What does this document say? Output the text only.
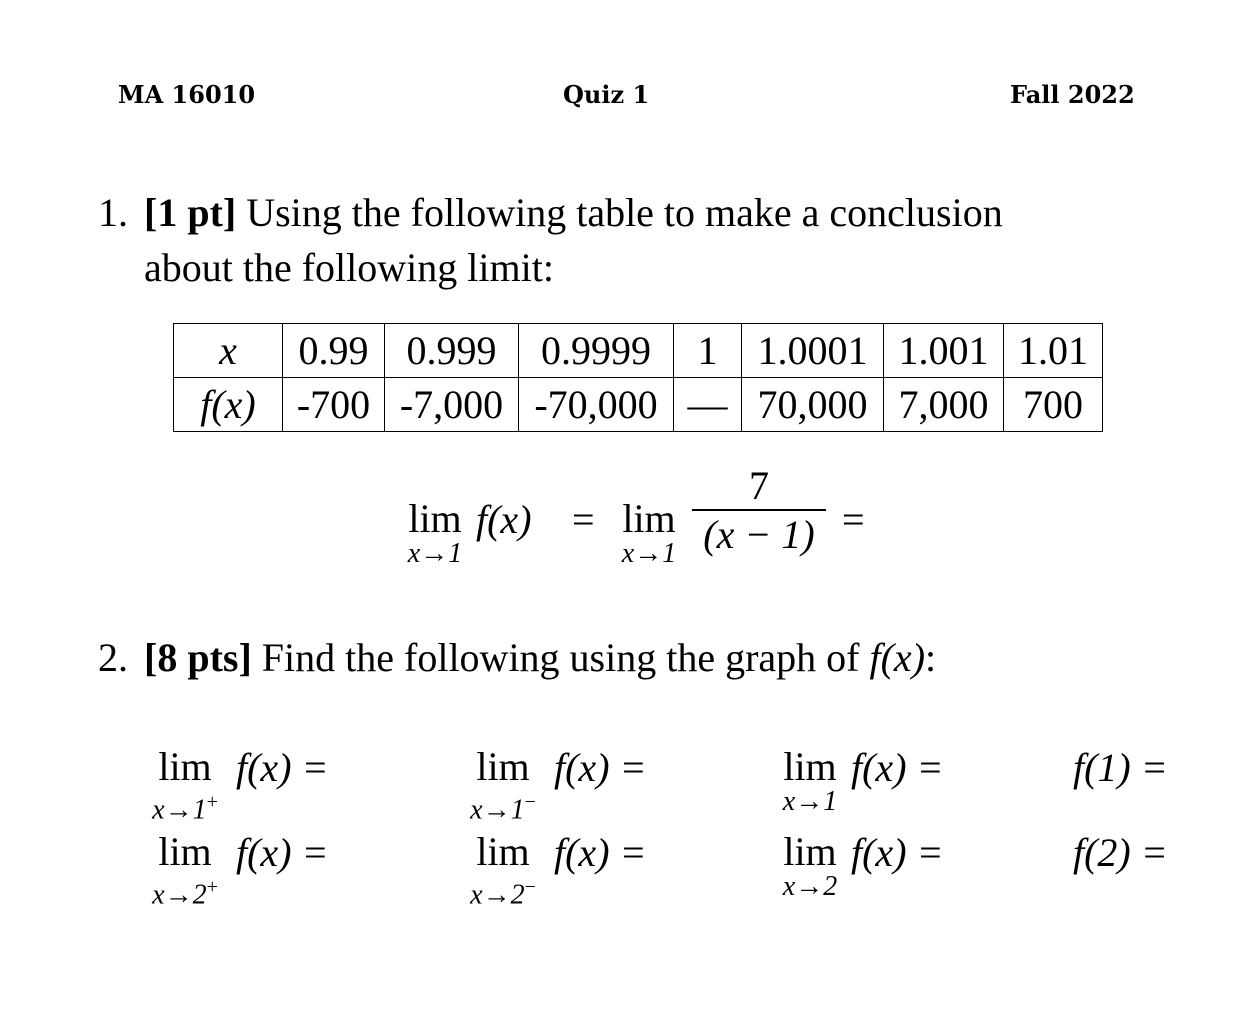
MA 16010	Quiz 1	Fall 2022
1. [1 pt] Using the following table to make a conclusion
about the following limit:
x	0.99	0.999	0.9999	1	1.0001	1.001	1.01
f(x)	-700	-7,000	-70,000	—	70,000	7,000	700
lim
x→1
f(x) = lim
$x\to 1 \frac{7}{(x - 1)}$ =
2. [8 pts] Find the following using the graph of f(x):
lim
x→1+
f(x) =	lim
x→1−
f(x) =	lim
x→1
f(x) =	f(1) =
lim
x→2+
f(x) =	lim
x→2−
f(x) =	lim
x→2
f(x) =	f(2) =
